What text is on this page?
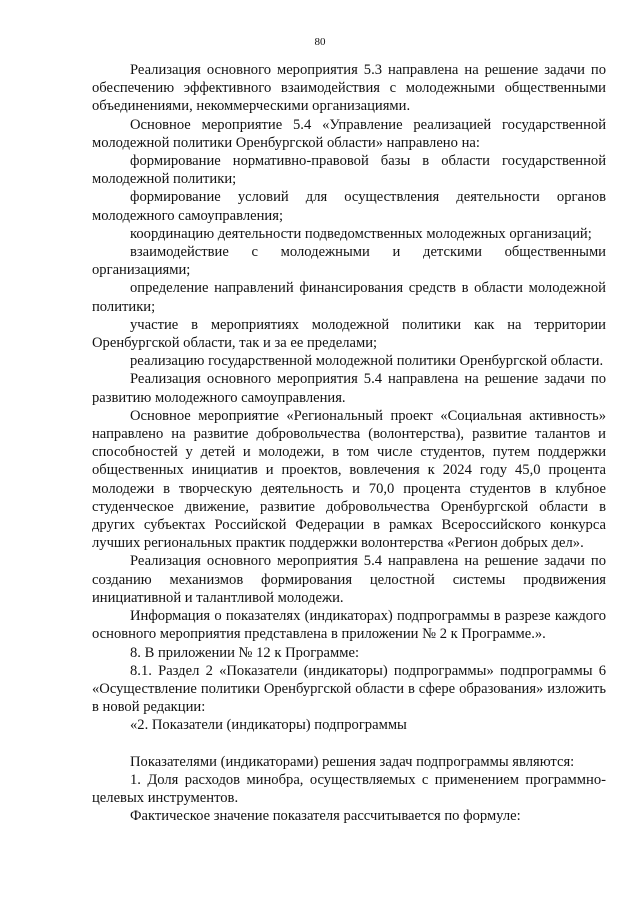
80

Реализация основного мероприятия 5.3 направлена на решение задачи по обеспечению эффективного взаимодействия с молодежными общественными объединениями, некоммерческими организациями.

Основное мероприятие 5.4 «Управление реализацией государственной молодежной политики Оренбургской области» направлено на:

формирование нормативно-правовой базы в области государственной молодежной политики;

формирование условий для осуществления деятельности органов молодежного самоуправления;

координацию деятельности подведомственных молодежных организаций;

взаимодействие с молодежными и детскими общественными организациями;

определение направлений финансирования средств в области молодежной политики;

участие в мероприятиях молодежной политики как на территории Оренбургской области, так и за ее пределами;

реализацию государственной молодежной политики Оренбургской области.

Реализация основного мероприятия 5.4 направлена на решение задачи по развитию молодежного самоуправления.

Основное мероприятие «Региональный проект «Социальная активность» направлено на развитие добровольчества (волонтерства), развитие талантов и способностей у детей и молодежи, в том числе студентов, путем поддержки общественных инициатив и проектов, вовлечения к 2024 году 45,0 процента молодежи в творческую деятельность и 70,0 процента студентов в клубное студенческое движение, развитие добровольчества Оренбургской области в других субъектах Российской Федерации в рамках Всероссийского конкурса лучших региональных практик поддержки волонтерства «Регион добрых дел».

Реализация основного мероприятия 5.4 направлена на решение задачи по созданию механизмов формирования целостной системы продвижения инициативной и талантливой молодежи.

Информация о показателях (индикаторах) подпрограммы в разрезе каждого основного мероприятия представлена в приложении № 2 к Программе.».

8. В приложении № 12 к Программе:

8.1. Раздел 2 «Показатели (индикаторы) подпрограммы» подпрограммы 6 «Осуществление политики Оренбургской области в сфере образования» изложить в новой редакции:

«2. Показатели (индикаторы) подпрограммы

Показателями (индикаторами) решения задач подпрограммы являются:

1. Доля расходов минобра, осуществляемых с применением программно-целевых инструментов.

Фактическое значение показателя рассчитывается по формуле:
